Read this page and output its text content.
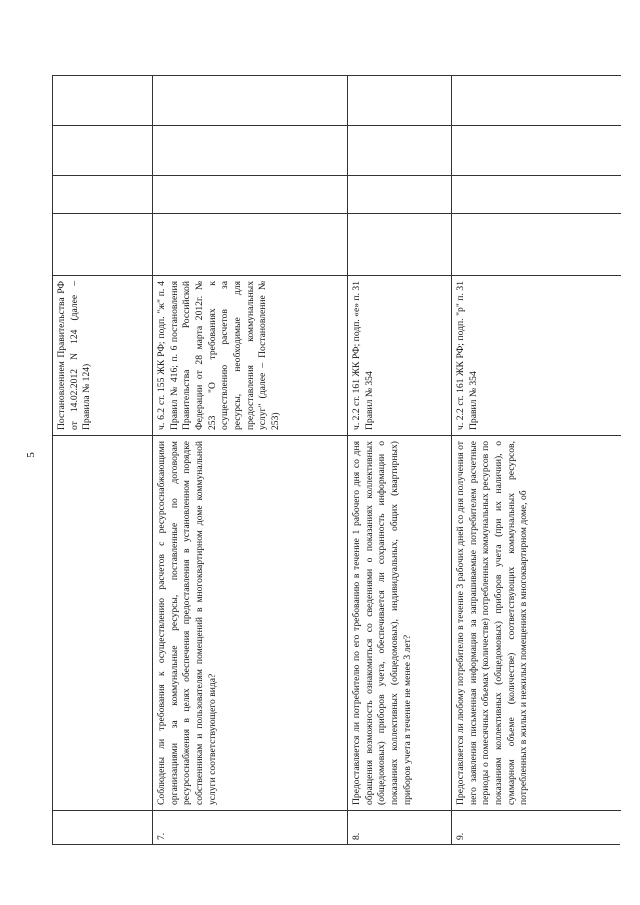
5
Постановлением Правительства РФ от 14.02.2012 N 124 (далее – Правила № 124)
7.
Соблюдены ли требования к осуществлению расчетов с ресурсоснабжающими организациями за коммунальные ресурсы, поставленные по договорам ресурсоснабжения в целях обеспечения предоставления в установленном порядке собственникам и пользователям помещений в многоквартирном доме коммунальной услуги соответствующего вида?
ч. 6.2 ст. 155 ЖК РФ; подп. "ж" п. 4 Правил № 416; п. 6 постановления Правительства Российской Федерации от 28 марта 2012г. № 253 "О требованиях к осуществлению расчетов за ресурсы, необходимые для предоставления коммунальных услуг" (далее – Постановление № 253)
8.
Предоставляется ли потребителю по его требованию в течение 1 рабочего дня со дня обращения возможность ознакомиться со сведениями о показаниях коллективных (общедомовых) приборов учета, обеспечивается ли сохранность информации о показаниях коллективных (общедомовых), индивидуальных, общих (квартирных) приборов учета в течение не менее 3 лет?
ч. 2.2 ст. 161 ЖК РФ; подп. «е» п. 31 Правил № 354
9.
Предоставляется ли любому потребителю в течение 3 рабочих дней со дня получения от него заявления письменная информация за запрашиваемые потребителем расчетные периоды о помесячных объемах (количестве) потребленных коммунальных ресурсов по показаниям коллективных (общедомовых) приборов учета (при их наличии), о суммарном объеме (количестве) соответствующих коммунальных ресурсов, потребленных в жилых и нежилых помещениях в многоквартирном доме, об
ч. 2.2 ст. 161 ЖК РФ; подп. "р" п. 31 Правил № 354
